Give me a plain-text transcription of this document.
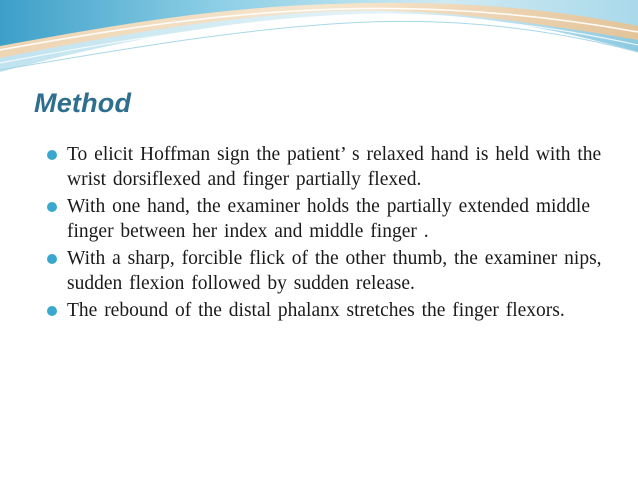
Method
To elicit Hoffman sign the patient’ s relaxed hand is held with the wrist dorsiflexed and finger partially flexed.
With one hand, the examiner holds the partially extended middle finger between her index and middle finger .
With a sharp, forcible flick of the other thumb, the examiner nips, sudden flexion followed by sudden release.
The rebound of the distal phalanx stretches the finger flexors.
